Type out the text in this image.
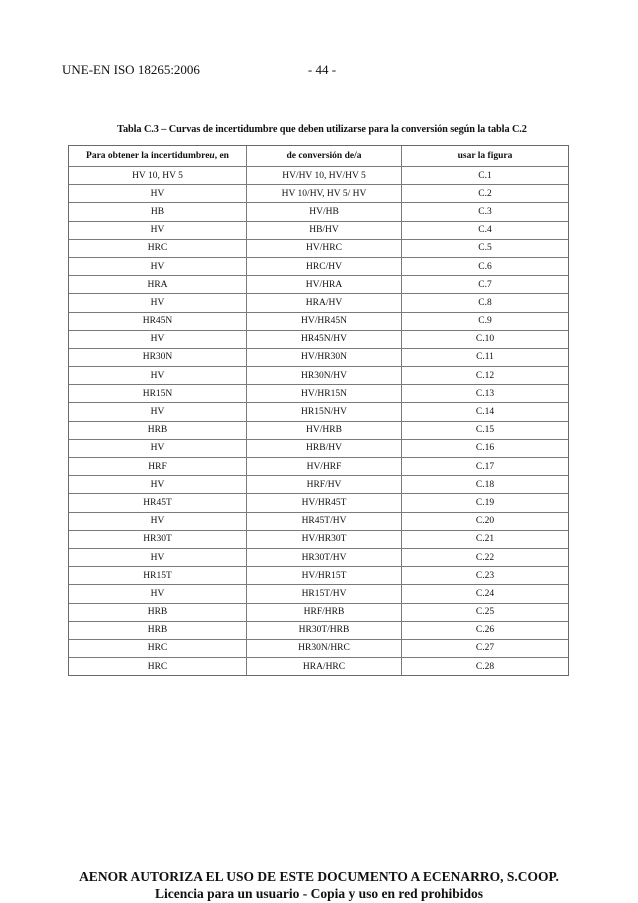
UNE-EN ISO 18265:2006	- 44 -
Tabla C.3 – Curvas de incertidumbre que deben utilizarse para la conversión según la tabla C.2
Para obtener la incertidumbre u , en	de conversión de/a	usar la figura
HV 10, HV 5	HV/HV 10, HV/HV 5	C.1
HV	HV 10/HV, HV 5/ HV	C.2
HB	HV/HB	C.3
HV	HB/HV	C.4
HRC	HV/HRC	C.5
HV	HRC/HV	C.6
HRA	HV/HRA	C.7
HV	HRA/HV	C.8
HR45N	HV/HR45N	C.9
HV	HR45N/HV	C.10
HR30N	HV/HR30N	C.11
HV	HR30N/HV	C.12
HR15N	HV/HR15N	C.13
HV	HR15N/HV	C.14
HRB	HV/HRB	C.15
HV	HRB/HV	C.16
HRF	HV/HRF	C.17
HV	HRF/HV	C.18
HR45T	HV/HR45T	C.19
HV	HR45T/HV	C.20
HR30T	HV/HR30T	C.21
HV	HR30T/HV	C.22
HR15T	HV/HR15T	C.23
HV	HR15T/HV	C.24
HRB	HRF/HRB	C.25
HRB	HR30T/HRB	C.26
HRC	HR30N/HRC	C.27
HRC	HRA/HRC	C.28
AENOR AUTORIZA EL USO DE ESTE DOCUMENTO A ECENARRO, S.COOP.
Licencia para un usuario - Copia y uso en red prohibidos
